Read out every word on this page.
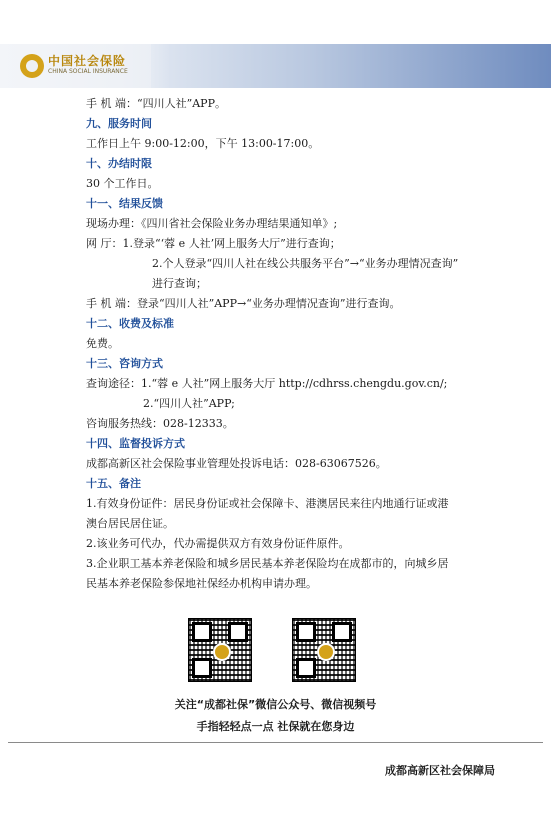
中国社会保险
CHINA SOCIAL INSURANCE
手 机 端：“四川人社”APP。
九、服务时间
工作日上午 9:00-12:00，下午 13:00-17:00。
十、办结时限
30 个工作日。
十一、结果反馈
现场办理：《四川省社会保险业务办理结果通知单》;
网 厅：1.登录“‘蓉 e 人社’网上服务大厅”进行查询；
2.个人登录“四川人社在线公共服务平台”→“业务办理情况查询”
进行查询；
手 机 端：登录“四川人社”APP→“业务办理情况查询”进行查询。
十二、收费及标准
免费。
十三、咨询方式
查询途径：1.“蓉 e 人社”网上服务大厅 http://cdhrss.chengdu.gov.cn/;
2.“四川人社”APP;
咨询服务热线：028-12333。
十四、监督投诉方式
成都高新区社会保险事业管理处投诉电话：028-63067526。
十五、备注
1.有效身份证件：居民身份证或社会保障卡、港澳居民来往内地通行证或港
澳台居民居住证。
2.该业务可代办，代办需提供双方有效身份证件原件。
3.企业职工基本养老保险和城乡居民基本养老保险均在成都市的，向城乡居
民基本养老保险参保地社保经办机构申请办理。
关注“成都社保”微信公众号、微信视频号
手指轻轻点一点 社保就在您身边
成都高新区社会保障局
